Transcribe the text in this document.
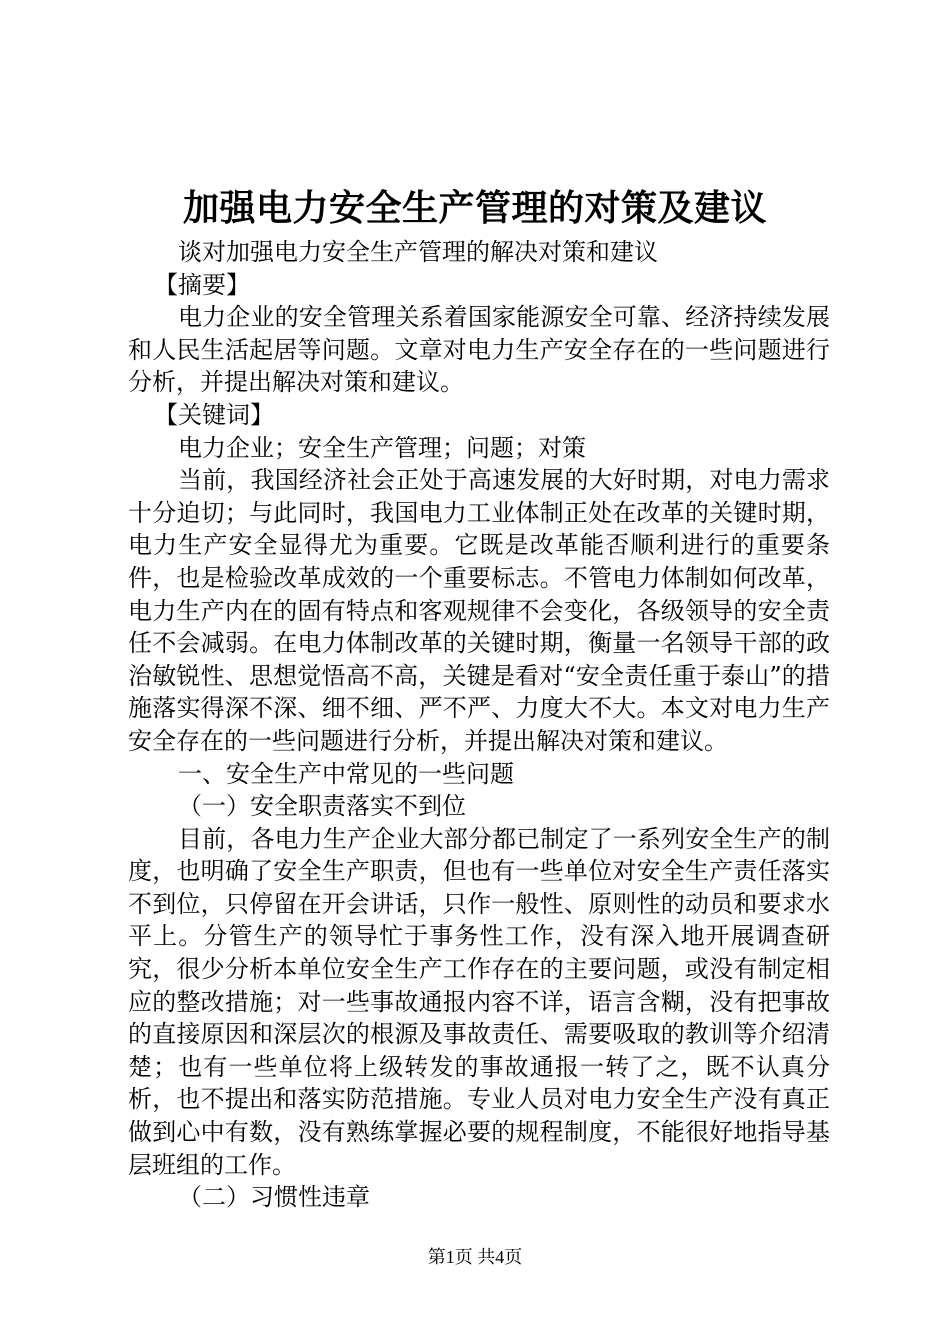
加强电力安全生产管理的对策及建议

谈对加强电力安全生产管理的解决对策和建议

【摘要】

电力企业的安全管理关系着国家能源安全可靠、经济持续发展和人民生活起居等问题。文章对电力生产安全存在的一些问题进行分析，并提出解决对策和建议。

【关键词】

电力企业；安全生产管理；问题；对策

当前，我国经济社会正处于高速发展的大好时期，对电力需求十分迫切；与此同时，我国电力工业体制正处在改革的关键时期，电力生产安全显得尤为重要。它既是改革能否顺利进行的重要条件，也是检验改革成效的一个重要标志。不管电力体制如何改革，电力生产内在的固有特点和客观规律不会变化，各级领导的安全责任不会减弱。在电力体制改革的关键时期，衡量一名领导干部的政治敏锐性、思想觉悟高不高，关键是看对“安全责任重于泰山”的措施落实得深不深、细不细、严不严、力度大不大。本文对电力生产安全存在的一些问题进行分析，并提出解决对策和建议。

一、安全生产中常见的一些问题

（一）安全职责落实不到位

目前，各电力生产企业大部分都已制定了一系列安全生产的制度，也明确了安全生产职责，但也有一些单位对安全生产责任落实不到位，只停留在开会讲话，只作一般性、原则性的动员和要求水平上。分管生产的领导忙于事务性工作，没有深入地开展调查研究，很少分析本单位安全生产工作存在的主要问题，或没有制定相应的整改措施；对一些事故通报内容不详，语言含糊，没有把事故的直接原因和深层次的根源及事故责任、需要吸取的教训等介绍清楚；也有一些单位将上级转发的事故通报一转了之，既不认真分析，也不提出和落实防范措施。专业人员对电力安全生产没有真正做到心中有数，没有熟练掌握必要的规程制度，不能很好地指导基层班组的工作。

（二）习惯性违章

第1页 共4页
